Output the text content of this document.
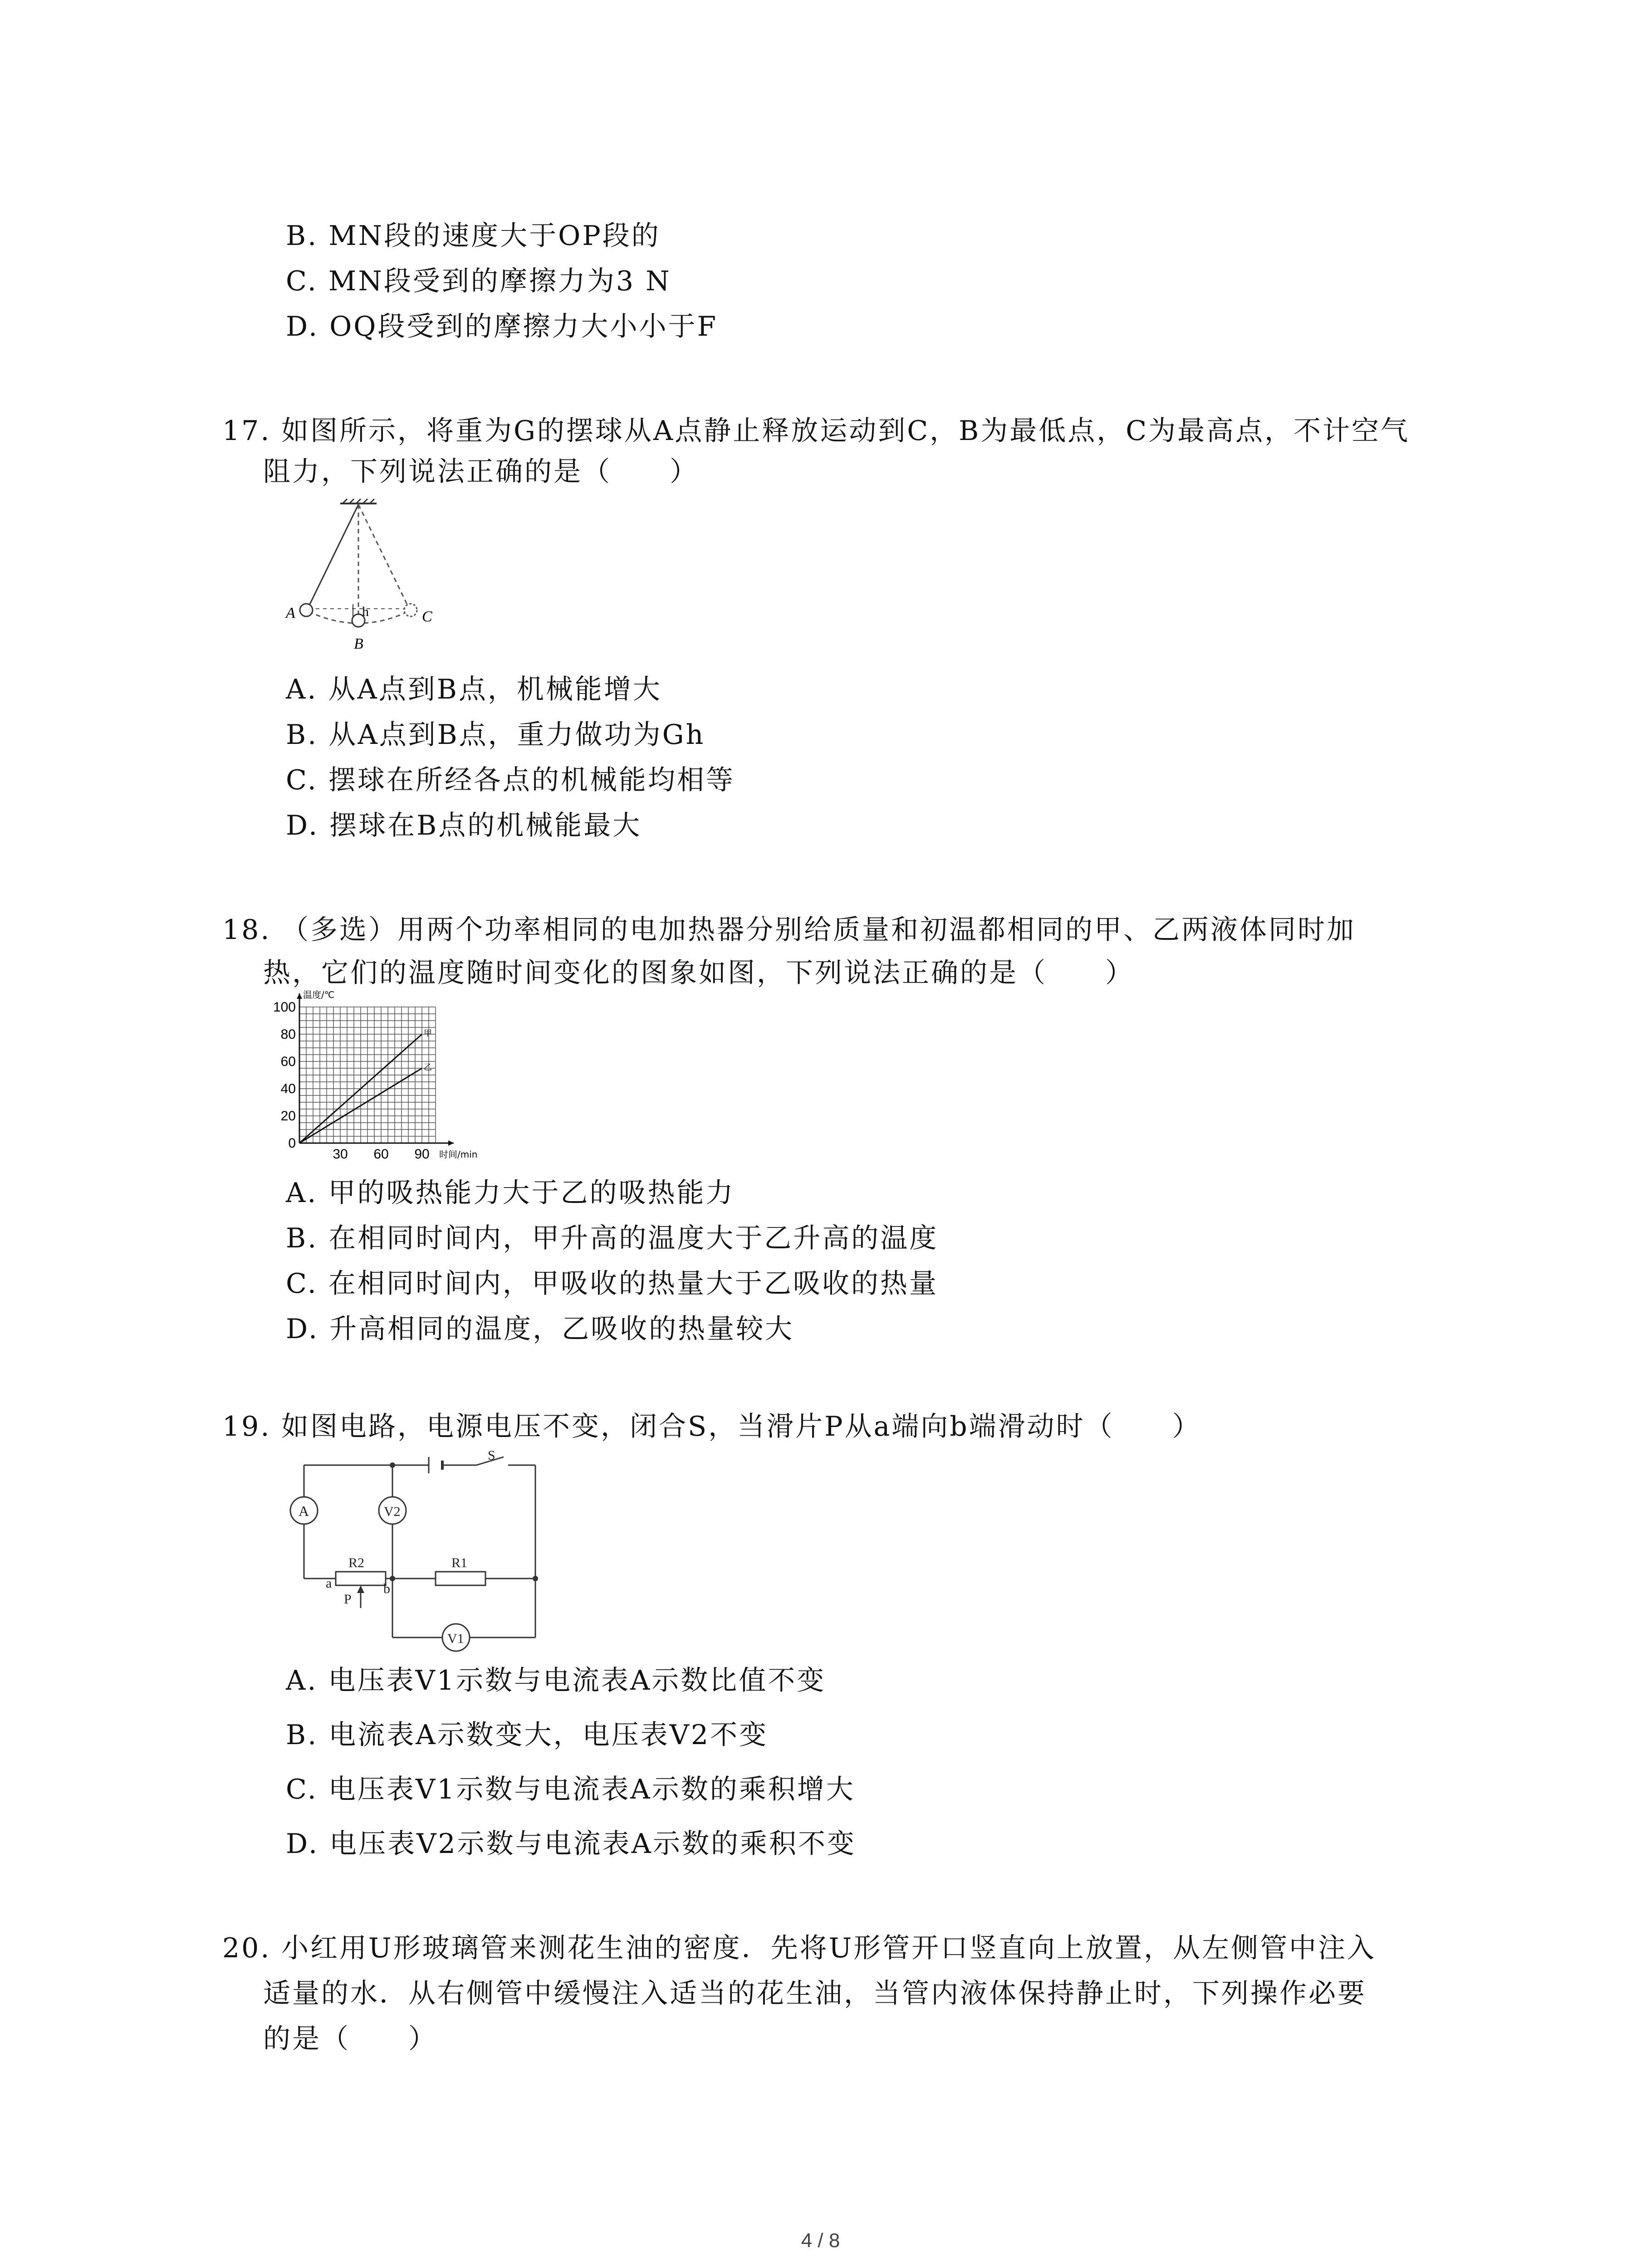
B. MN段的速度大于OP段的
C. MN段受到的摩擦力为3 N
D. OQ段受到的摩擦力大小小于F
17. 如图所示，将重为G的摆球从A点静止释放运动到C，B为最低点，C为最高点，不计空气
阻力，下列说法正确的是（　　）
A
B
C
h
A. 从A点到B点，机械能增大
B. 从A点到B点，重力做功为Gh
C. 摆球在所经各点的机械能均相等
D. 摆球在B点的机械能最大
18. （多选）用两个功率相同的电加热器分别给质量和初温都相同的甲、乙两液体同时加
热，它们的温度随时间变化的图象如图，下列说法正确的是（　　）
甲
乙
温度/℃
时间/min
0
20
40
60
80
100
30 60 90
A. 甲的吸热能力大于乙的吸热能力
B. 在相同时间内，甲升高的温度大于乙升高的温度
C. 在相同时间内，甲吸收的热量大于乙吸收的热量
D. 升高相同的温度，乙吸收的热量较大
19. 如图电路，电源电压不变，闭合S，当滑片P从a端向b端滑动时（　　）
A	V2
V1
S
R2	R1
a	b
P
A. 电压表V1示数与电流表A示数比值不变
B. 电流表A示数变大，电压表V2不变
C. 电压表V1示数与电流表A示数的乘积增大
D. 电压表V2示数与电流表A示数的乘积不变
20. 小红用U形玻璃管来测花生油的密度．先将U形管开口竖直向上放置，从左侧管中注入
适量的水．从右侧管中缓慢注入适当的花生油，当管内液体保持静止时，下列操作必要
的是（　　）
4 / 8
